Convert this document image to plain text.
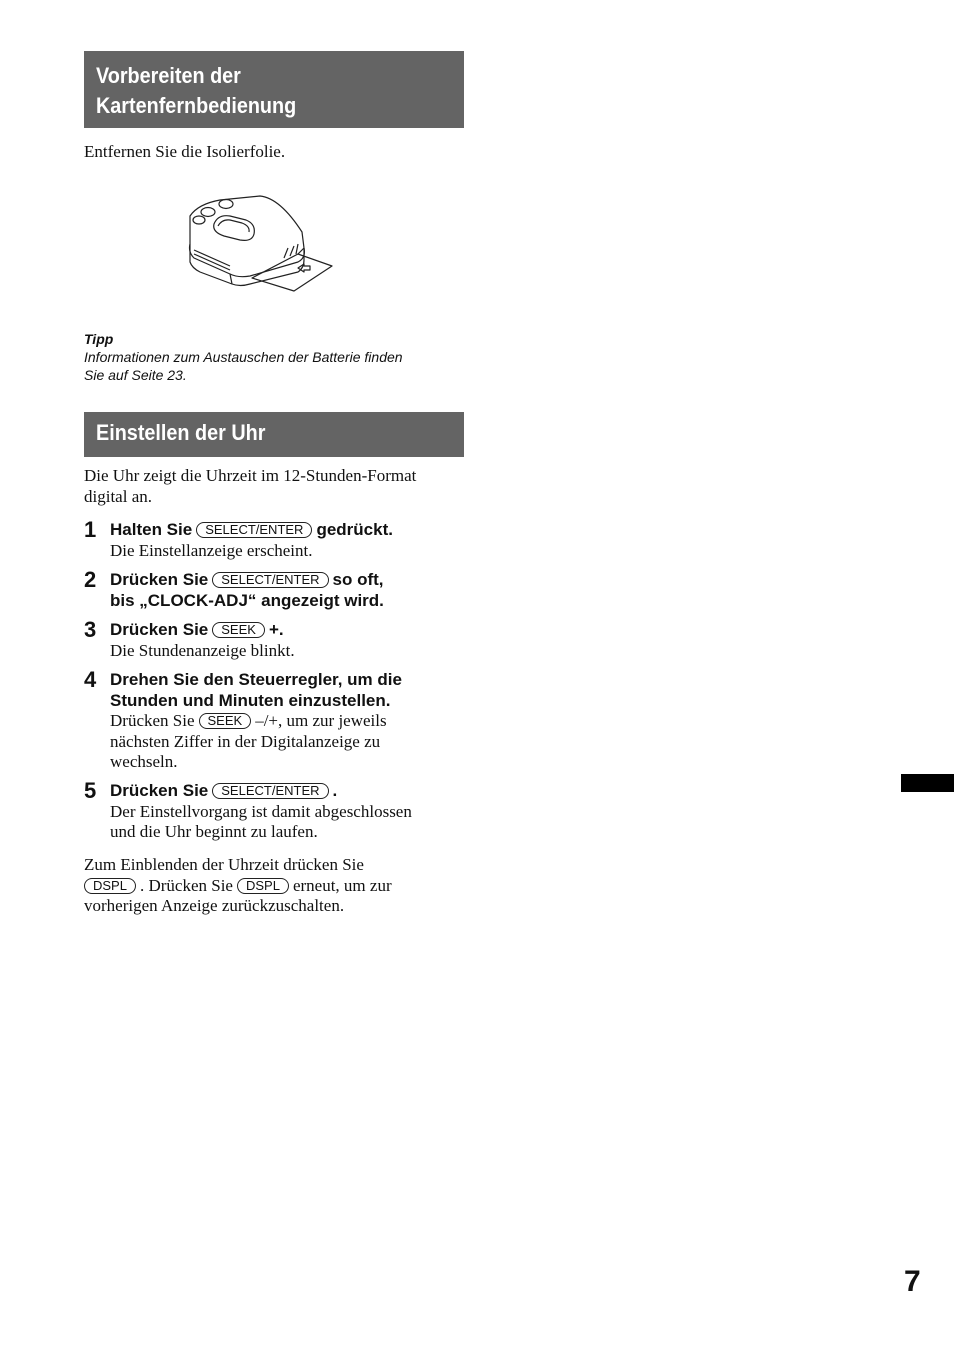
Vorbereiten der
Kartenfernbedienung
Entfernen Sie die Isolierfolie.
Tipp
Informationen zum Austauschen der Batterie finden
Sie auf Seite 23.
Einstellen der Uhr
Die Uhr zeigt die Uhrzeit im 12-Stunden-Format
digital an.
1 Halten Sie SELECT/ENTER gedrückt.
Die Einstellanzeige erscheint.
2 Drücken Sie SELECT/ENTER so oft,
bis „CLOCK-ADJ“ angezeigt wird.
3 Drücken Sie SEEK +.
Die Stundenanzeige blinkt.
4 Drehen Sie den Steuerregler, um die
Stunden und Minuten einzustellen.
Drücken Sie SEEK –/+, um zur jeweils
nächsten Ziffer in der Digitalanzeige zu
wechseln.
5 Drücken Sie SELECT/ENTER .
Der Einstellvorgang ist damit abgeschlossen
und die Uhr beginnt zu laufen.
Zum Einblenden der Uhrzeit drücken Sie
DSPL . Drücken Sie DSPL erneut, um zur
vorherigen Anzeige zurückzuschalten.
7
